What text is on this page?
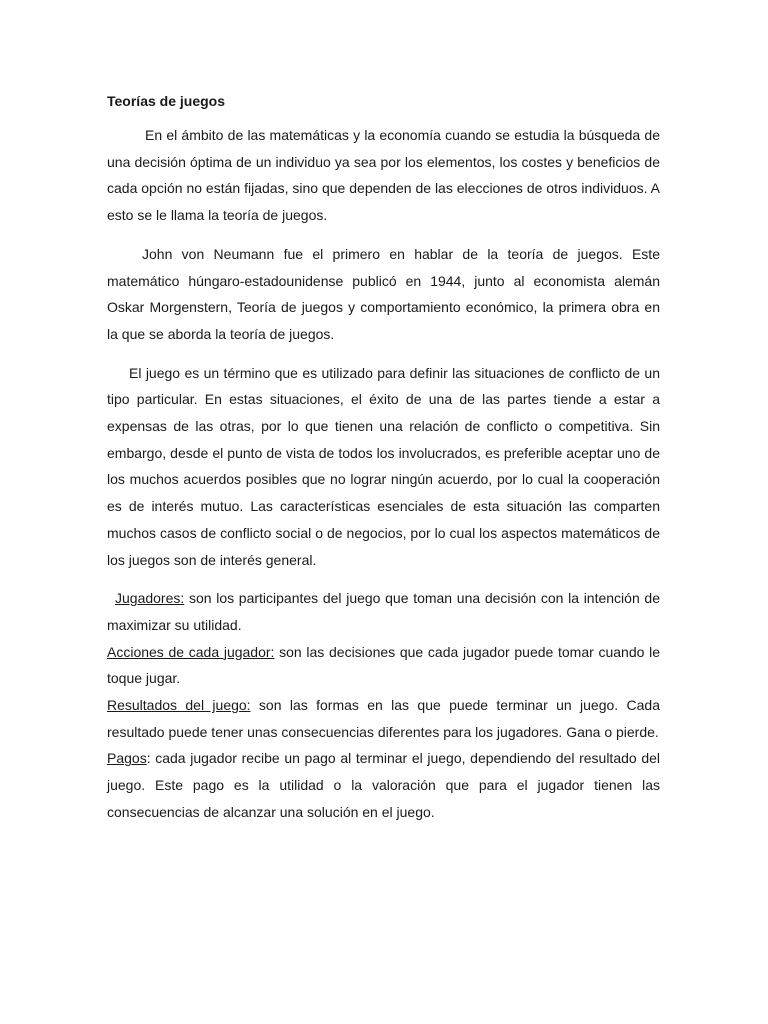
Teorías de juegos

En el ámbito de las matemáticas y la economía cuando se estudia la búsqueda de una decisión óptima de un individuo ya sea por los elementos, los costes y beneficios de cada opción no están fijadas, sino que dependen de las elecciones de otros individuos. A esto se le llama la teoría de juegos.

John von Neumann fue el primero en hablar de la teoría de juegos. Este matemático húngaro-estadounidense publicó en 1944, junto al economista alemán Oskar Morgenstern, Teoría de juegos y comportamiento económico, la primera obra en la que se aborda la teoría de juegos.

El juego es un término que es utilizado para definir las situaciones de conflicto de un tipo particular. En estas situaciones, el éxito de una de las partes tiende a estar a expensas de las otras, por lo que tienen una relación de conflicto o competitiva. Sin embargo, desde el punto de vista de todos los involucrados, es preferible aceptar uno de los muchos acuerdos posibles que no lograr ningún acuerdo, por lo cual la cooperación es de interés mutuo. Las características esenciales de esta situación las comparten muchos casos de conflicto social o de negocios, por lo cual los aspectos matemáticos de los juegos son de interés general.

Jugadores: son los participantes del juego que toman una decisión con la intención de maximizar su utilidad.

Acciones de cada jugador: son las decisiones que cada jugador puede tomar cuando le toque jugar.

Resultados del juego: son las formas en las que puede terminar un juego. Cada resultado puede tener unas consecuencias diferentes para los jugadores. Gana o pierde.

Pagos: cada jugador recibe un pago al terminar el juego, dependiendo del resultado del juego. Este pago es la utilidad o la valoración que para el jugador tienen las consecuencias de alcanzar una solución en el juego.
